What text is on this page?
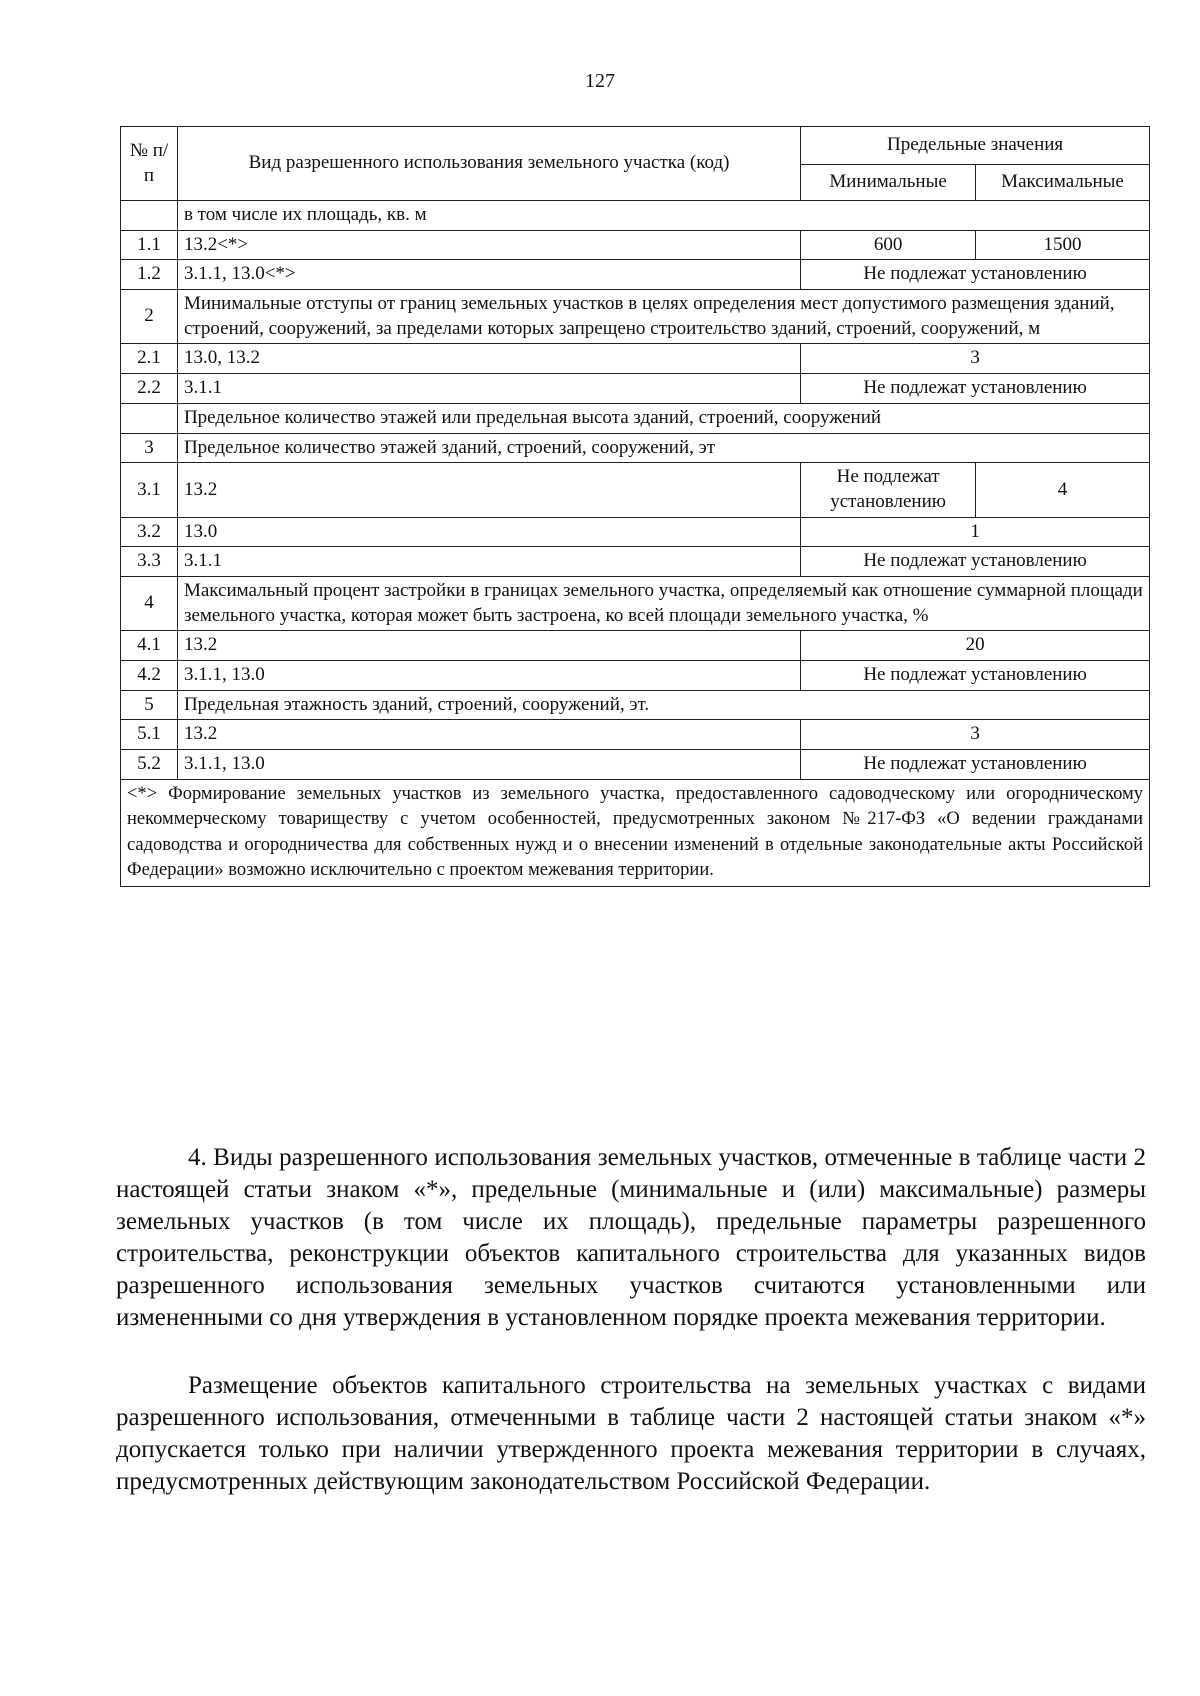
127
№ п/п	Вид разрешенного использования земельного участка (код)	Предельные значения	
		Минимальные	Максимальные
	в том числе их площадь, кв. м		
1.1	13.2<*>	600	1500
1.2	3.1.1, 13.0<*>	Не подлежат установлению	
2	Минимальные отступы от границ земельных участков в целях определения мест допустимого размещения зданий, строений, сооружений, за пределами которых запрещено строительство зданий, строений, сооружений, м		
2.1	13.0, 13.2	3	
2.2	3.1.1	Не подлежат установлению	
	Предельное количество этажей или предельная высота зданий, строений, сооружений		
3	Предельное количество этажей зданий, строений, сооружений, эт		
3.1	13.2	Не подлежат установлению	4
3.2	13.0	1	
3.3	3.1.1	Не подлежат установлению	
4	Максимальный процент застройки в границах земельного участка, определяемый как отношение суммарной площади земельного участка, которая может быть застроена, ко всей площади земельного участка, %		
4.1	13.2	20	
4.2	3.1.1, 13.0	Не подлежат установлению	
5	Предельная этажность зданий, строений, сооружений, эт.		
5.1	13.2	3	
5.2	3.1.1, 13.0	Не подлежат установлению	
<*> Формирование земельных участков из земельного участка, предоставленного садоводческому или огородническому некоммерческому товариществу с учетом особенностей, предусмотренных законом №217-ФЗ «О ведении гражданами садоводства и огородничества для собственных нужд и о внесении изменений в отдельные законодательные акты Российской Федерации» возможно исключительно с проектом межевания территории.			

4. Виды разрешенного использования земельных участков, отмеченные в таблице части 2 настоящей статьи знаком «*», предельные (минимальные и (или) максимальные) размеры земельных участков (в том числе их площадь), предельные параметры разрешенного строительства, реконструкции объектов капитального строительства для указанных видов разрешенного использования земельных участков считаются установленными или измененными со дня утверждения в установленном порядке проекта межевания территории.

Размещение объектов капитального строительства на земельных участках с видами разрешенного использования, отмеченными в таблице части 2 настоящей статьи знаком «*» допускается только при наличии утвержденного проекта межевания территории в случаях, предусмотренных действующим законодательством Российской Федерации.
